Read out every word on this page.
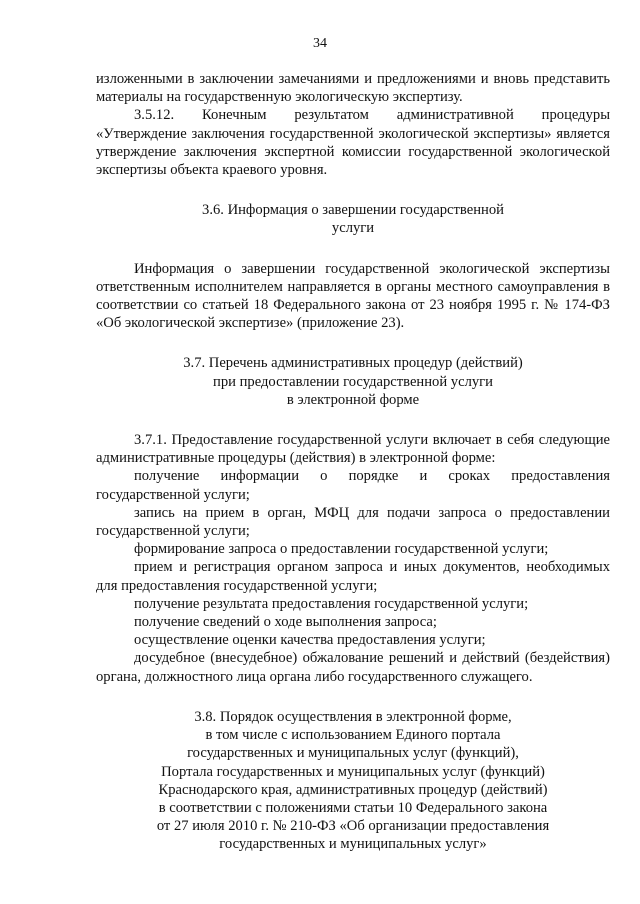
34

изложенными в заключении замечаниями и предложениями и вновь представить материалы на государственную экологическую экспертизу.

3.5.12. Конечным результатом административной процедуры

«Утверждение заключения государственной экологической экспертизы» является утверждение заключения экспертной комиссии государственной экологической экспертизы объекта краевого уровня.

3.6. Информация о завершении государственной
услуги

Информация о завершении государственной экологической экспертизы ответственным исполнителем направляется в органы местного самоуправления в соответствии со статьей 18 Федерального закона от 23 ноября 1995 г. № 174-ФЗ «Об экологической экспертизе» (приложение 23).

3.7. Перечень административных процедур (действий)
при предоставлении государственной услуги
в электронной форме

3.7.1. Предоставление государственной услуги включает в себя следующие административные процедуры (действия) в электронной форме:

получение информации о порядке и сроках предоставления государственной услуги;

запись на прием в орган, МФЦ для подачи запроса о предоставлении государственной услуги;

формирование запроса о предоставлении государственной услуги;

прием и регистрация органом запроса и иных документов, необходимых для предоставления государственной услуги;

получение результата предоставления государственной услуги;

получение сведений о ходе выполнения запроса;

осуществление оценки качества предоставления услуги;

досудебное (внесудебное) обжалование решений и действий (бездействия) органа, должностного лица органа либо государственного служащего.

3.8. Порядок осуществления в электронной форме,
в том числе с использованием Единого портала
государственных и муниципальных услуг (функций),
Портала государственных и муниципальных услуг (функций)
Краснодарского края, административных процедур (действий)
в соответствии с положениями статьи 10 Федерального закона
от 27 июля 2010 г. № 210-ФЗ «Об организации предоставления
государственных и муниципальных услуг»
